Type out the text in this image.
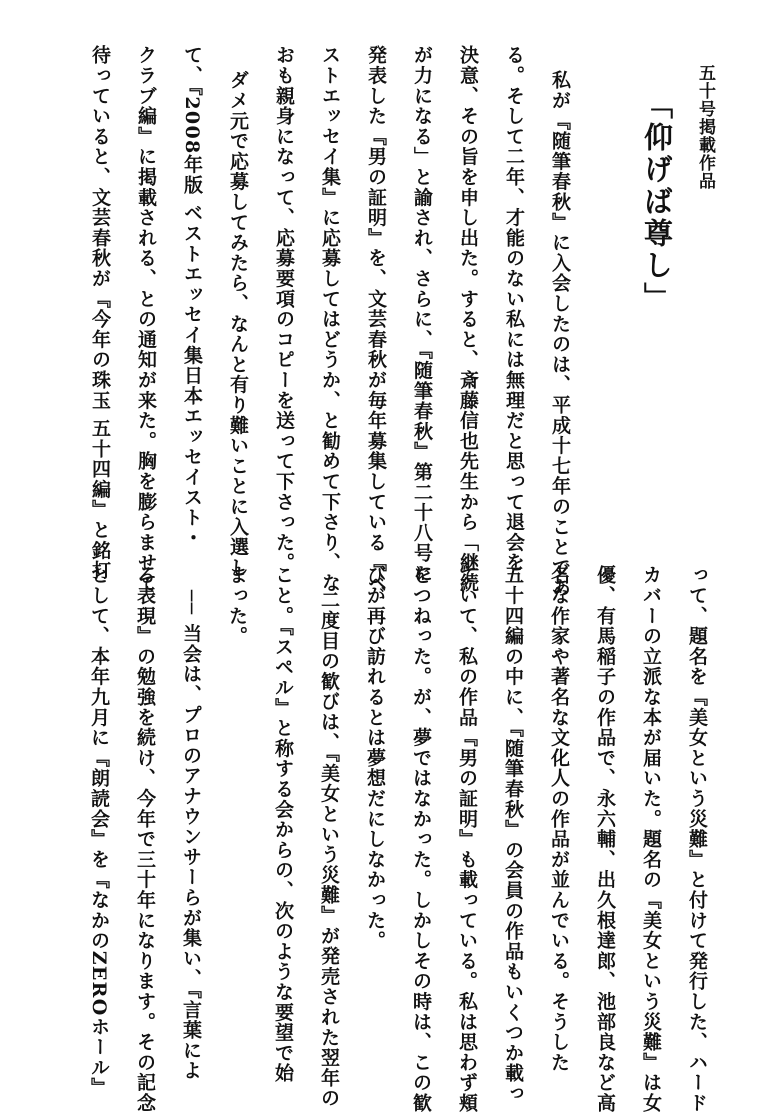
五十号掲載作品
「仰げば尊し」
私が『随筆春秋』に入会したのは、平成十七年のことであ
る。そして二年、才能のない私には無理だと思って退会を
決意、その旨を申し出た。すると、斎藤信也先生から「継続
が力になる」と諭され、さらに、『随筆春秋』第二十八号に
発表した『男の証明』を、文芸春秋が毎年募集している『ベ
ストエッセイ集』に応募してはどうか、と勧めて下さり、な
おも親身になって、応募要項のコピーを送って下さった。
ダメ元で応募してみたら、なんと有り難いことに入選し
て、『2008年版 ベストエッセイ集日本エッセイスト・
クラブ編』に掲載される、との通知が来た。胸を膨らませて
待っていると、文芸春秋が『今年の珠玉 五十四編』と銘打
って、題名を『美女という災難』と付けて発行した、ハード
カバーの立派な本が届いた。題名の『美女という災難』は女
優、有馬稲子の作品で、永六輔、出久根達郎、池部良など高
名な作家や著名な文化人の作品が並んでいる。そうした
五十四編の中に、『随筆春秋』の会員の作品もいくつか載っ
ていて、私の作品『男の証明』も載っている。私は思わず頬
をつねった。が、夢ではなかった。しかしその時は、この歓
びが再び訪れるとは夢想だにしなかった。
二度目の歓びは、『美女という災難』が発売された翌年の
こと。『スペル』と称する会からの、次のような要望で始
まった。
── 当会は、プロのアナウンサーらが集い、『言葉によ
る表現』の勉強を続け、今年で三十年になります。その記念
として、本年九月に『朗読会』を『なかのZEROホール』
